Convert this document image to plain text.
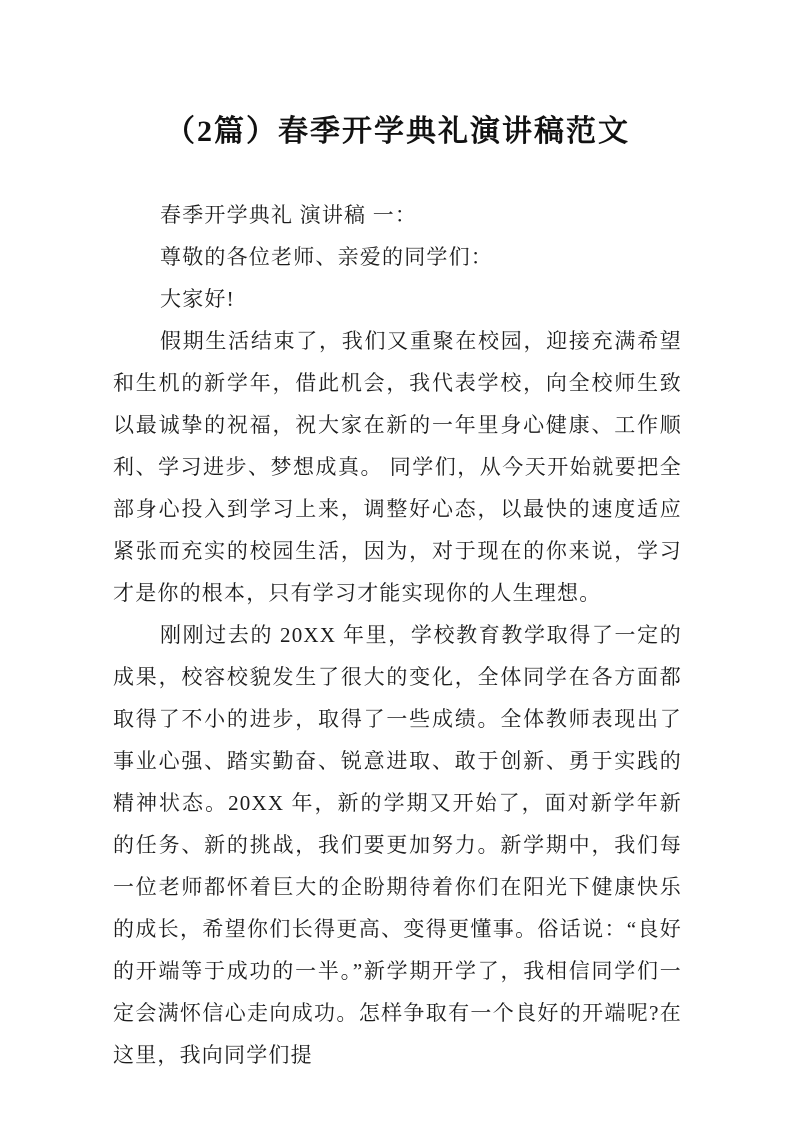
（2篇）春季开学典礼演讲稿范文

春季开学典礼 演讲稿 一：

尊敬的各位老师、亲爱的同学们：

大家好!

假期生活结束了，我们又重聚在校园，迎接充满希望和生机的新学年，借此机会，我代表学校，向全校师生致以最诚挚的祝福，祝大家在新的一年里身心健康、工作顺利、学习进步、梦想成真。 同学们，从今天开始就要把全部身心投入到学习上来，调整好心态，以最快的速度适应紧张而充实的校园生活，因为，对于现在的你来说，学习才是你的根本，只有学习才能实现你的人生理想。

刚刚过去的 20XX 年里，学校教育教学取得了一定的成果，校容校貌发生了很大的变化，全体同学在各方面都取得了不小的进步，取得了一些成绩。全体教师表现出了事业心强、踏实勤奋、锐意进取、敢于创新、勇于实践的精神状态。20XX 年，新的学期又开始了，面对新学年新的任务、新的挑战，我们要更加努力。新学期中，我们每一位老师都怀着巨大的企盼期待着你们在阳光下健康快乐的成长，希望你们长得更高、变得更懂事。俗话说：“良好的开端等于成功的一半。”新学期开学了，我相信同学们一定会满怀信心走向成功。怎样争取有一个良好的开端呢?在这里，我向同学们提
